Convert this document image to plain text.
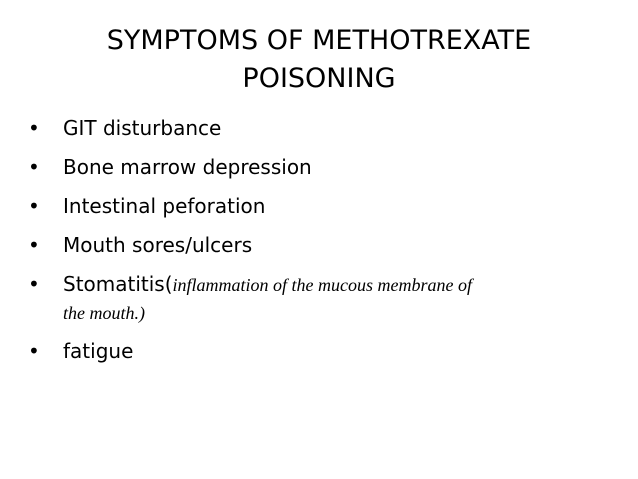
SYMPTOMS OF METHOTREXATE
POISONING
• GIT disturbance
• Bone marrow depression
• Intestinal peforation
• Mouth sores/ulcers
• Stomatitis(inflammation of the mucous membrane of
the mouth.)
• fatigue
